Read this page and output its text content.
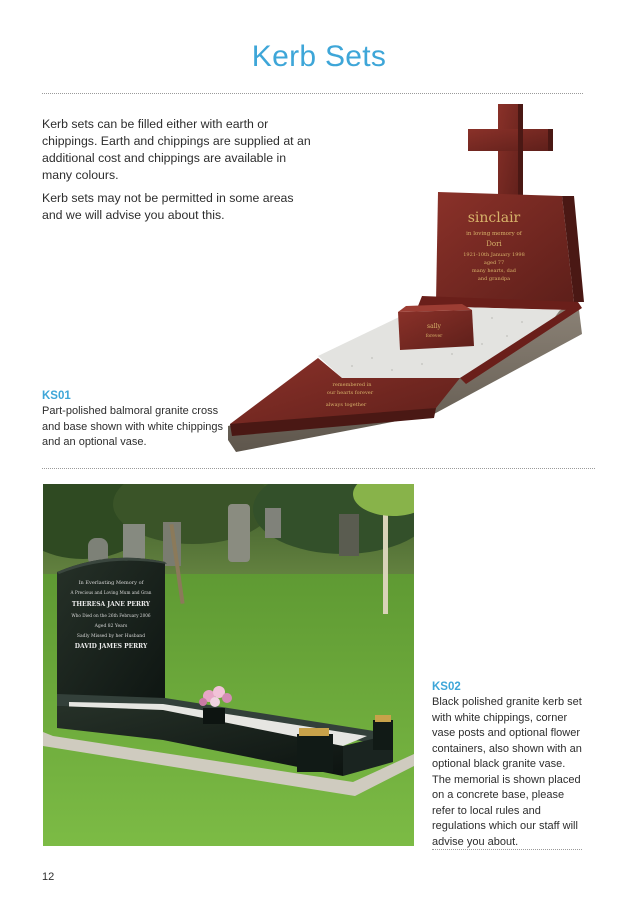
Kerb Sets

Kerb sets can be filled either with earth or chippings. Earth and chippings are supplied at an additional cost and chippings are available in many colours.

Kerb sets may not be permitted in some areas and we will advise you about this.	sinclair
in loving memory of
Dori
1921-10th January 1998
aged 77
many hearts, dad
and grandpa
sally
forever
remembered in
our hearts forever
always together
KS01
Part-polished balmoral granite cross and base shown with white chippings and an optional vase.
In Everlasting Memory of
A Precious and Loving Mum and Gran
THERESA JANE PERRY
Who Died on the 26th February 2006
Aged 82 Years
Sadly Missed by her Husband
DAVID JAMES PERRY
KS02
Black polished granite kerb set with white chippings, corner vase posts and optional flower containers, also shown with an optional black granite vase. The memorial is shown placed on a concrete base, please refer to local rules and regulations which our staff will advise you about.
12
